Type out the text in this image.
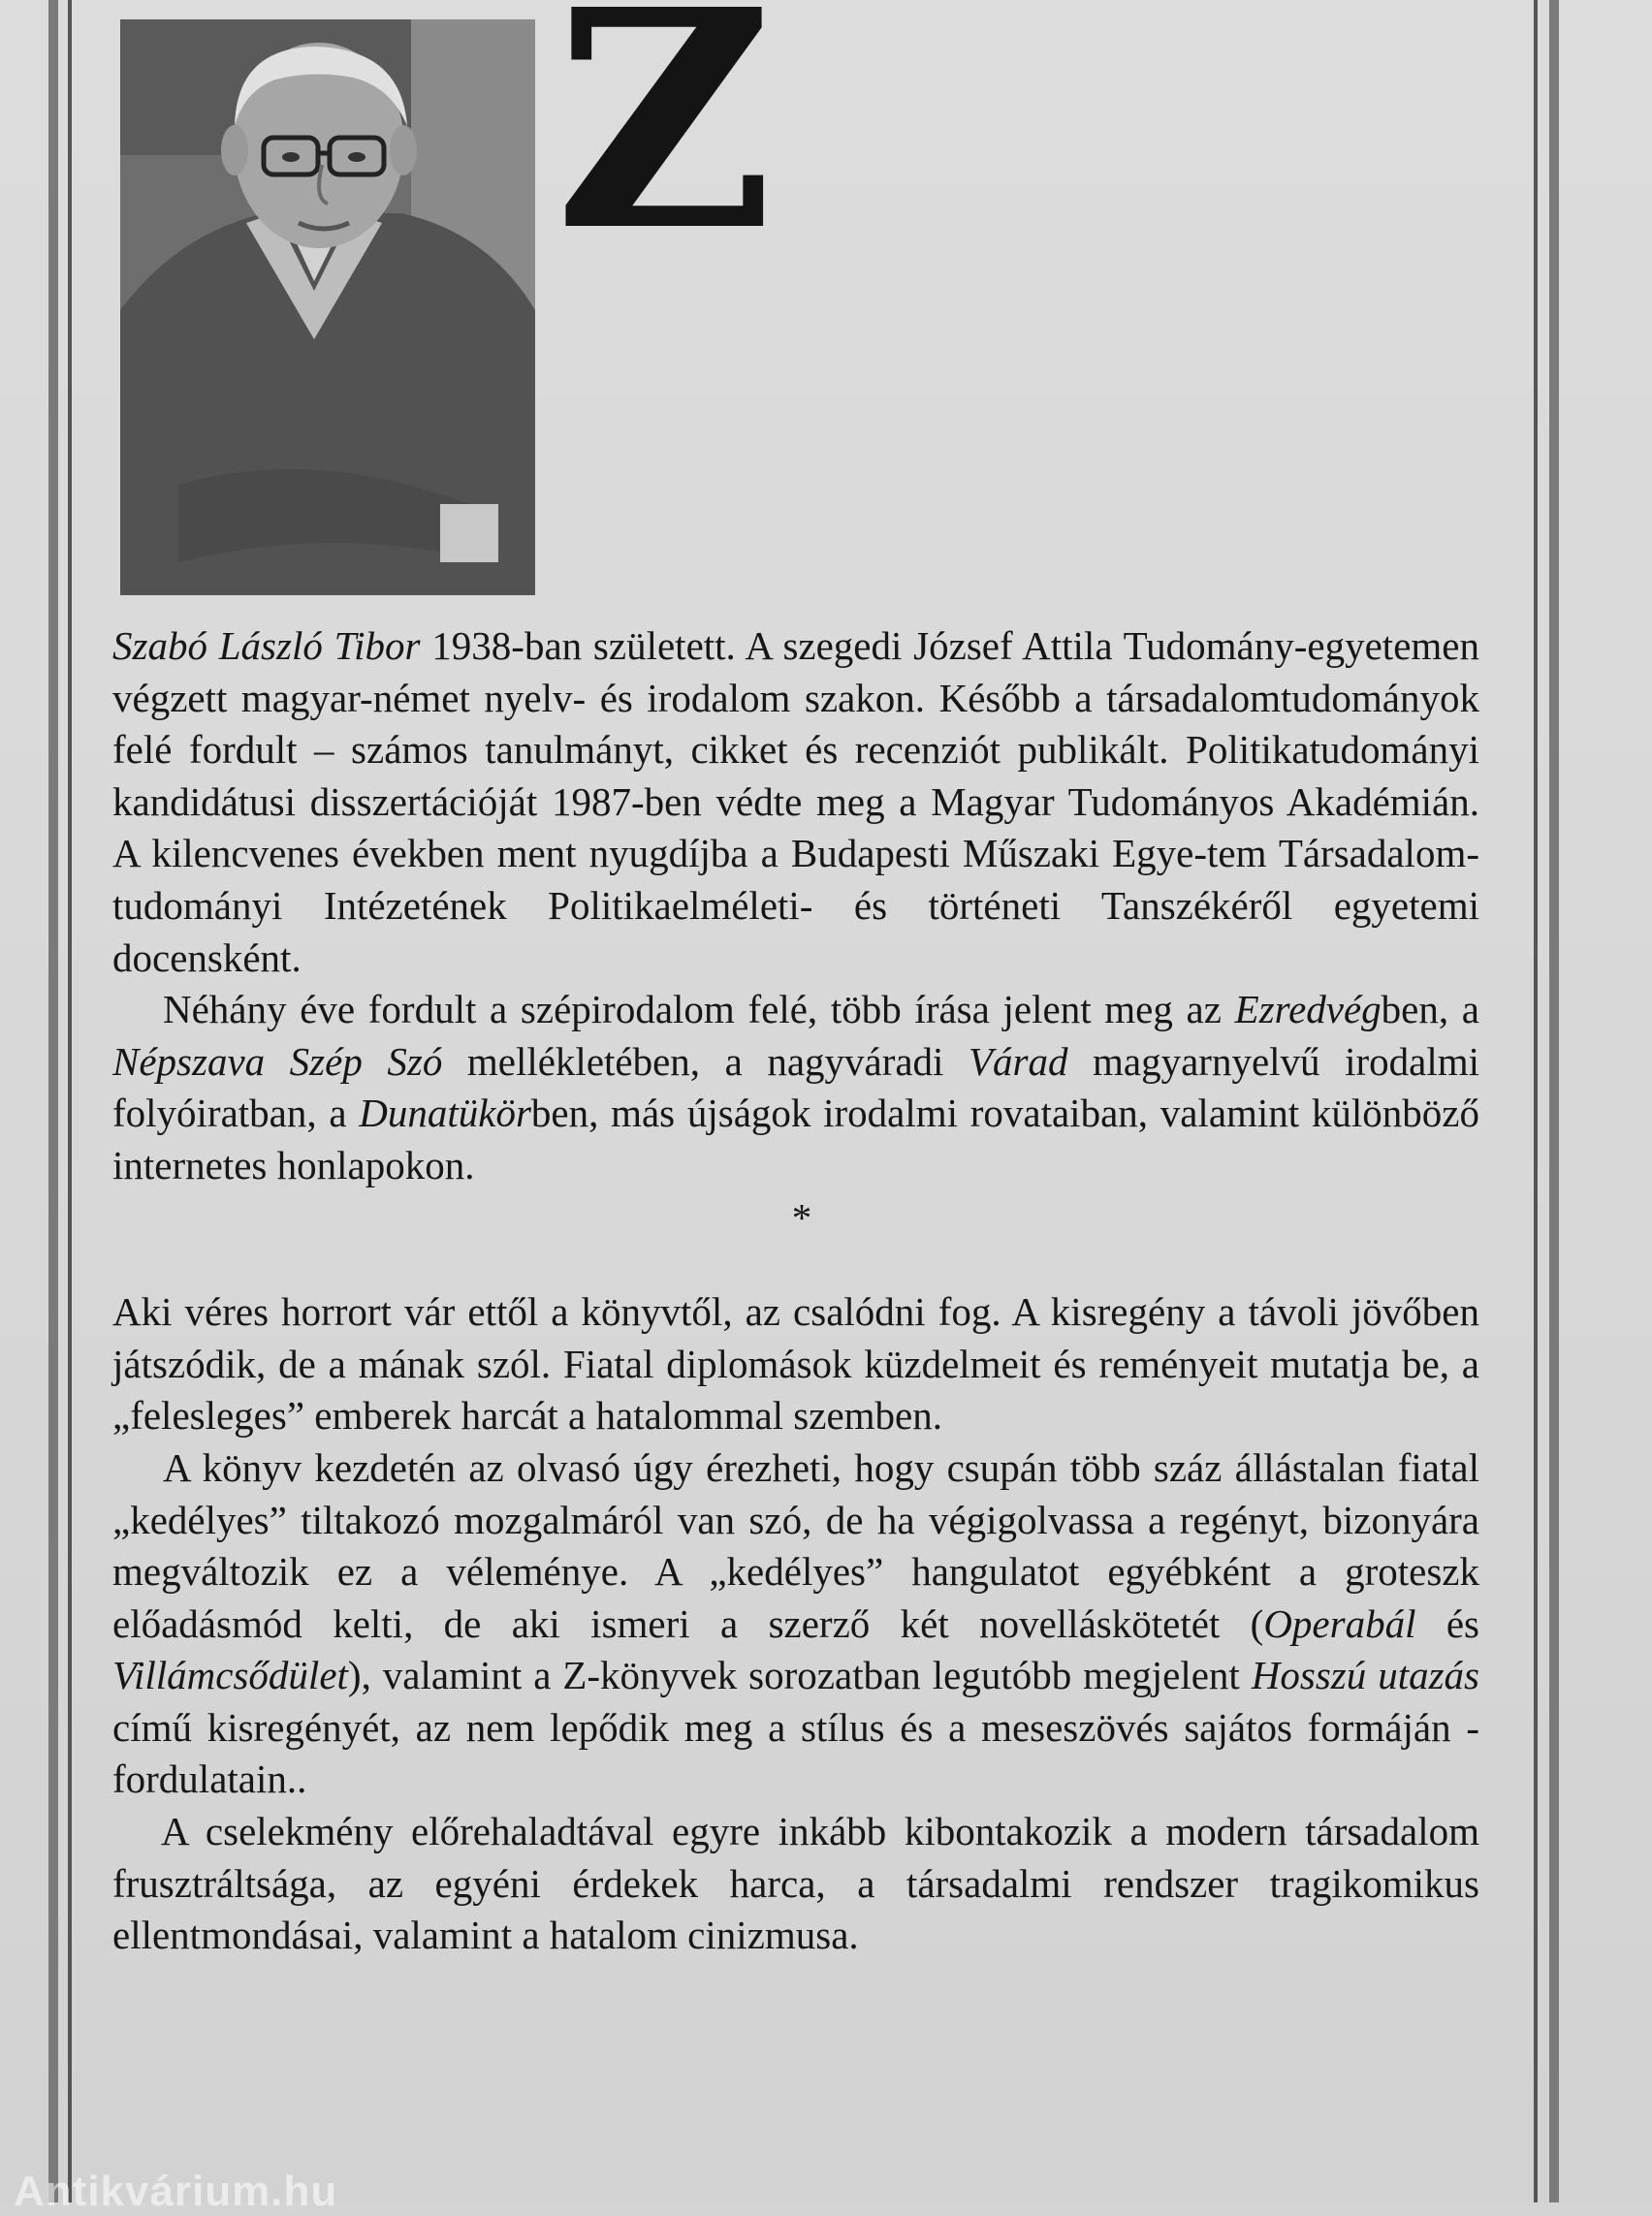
Z

Szabó László Tibor 1938-ban született. A szegedi József Attila Tudomány-egyetemen végzett magyar-német nyelv- és irodalom szakon. Később a társadalomtudományok felé fordult – számos tanulmányt, cikket és recenziót publikált. Politikatudományi kandidátusi disszertációját 1987-ben védte meg a Magyar Tudományos Akadémián. A kilencvenes években ment nyugdíjba a Budapesti Műszaki Egye-tem Társadalom-tudományi Intézetének Politikaelméleti- és történeti Tanszékéről egyetemi docensként.

Néhány éve fordult a szépirodalom felé, több írása jelent meg az Ezredvégben, a Népszava Szép Szó mellékletében, a nagyváradi Várad magyarnyelvű irodalmi folyóiratban, a Dunatükörben, más újságok irodalmi rovataiban, valamint különböző internetes honlapokon.

*

Aki véres horrort vár ettől a könyvtől, az csalódni fog. A kisregény a távoli jövőben játszódik, de a mának szól. Fiatal diplomások küzdelmeit és reményeit mutatja be, a „felesleges” emberek harcát a hatalommal szemben.

A könyv kezdetén az olvasó úgy érezheti, hogy csupán több száz állástalan fiatal „kedélyes” tiltakozó mozgalmáról van szó, de ha végigolvassa a regényt, bizonyára megváltozik ez a véleménye. A „kedélyes” hangulatot egyébként a groteszk előadásmód kelti, de aki ismeri a szerző két novelláskötetét (Operabál és Villámcsődület), valamint a Z-könyvek sorozatban legutóbb megjelent Hosszú utazás című kisregényét, az nem lepődik meg a stílus és a meseszövés sajátos formáján - fordulatain..

A cselekmény előrehaladtával egyre inkább kibontakozik a modern társadalom frusztráltsága, az egyéni érdekek harca, a társadalmi rendszer tragikomikus ellentmondásai, valamint a hatalom cinizmusa.

Antikvárium.hu
